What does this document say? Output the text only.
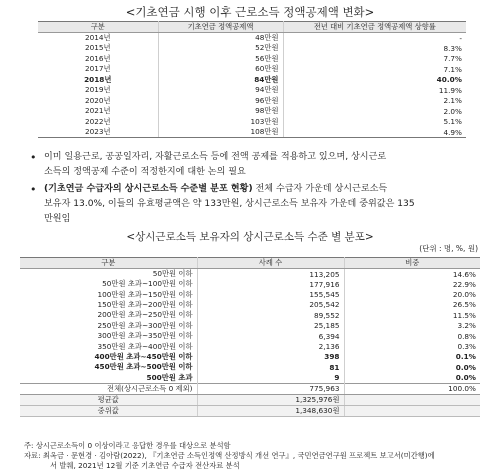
<기초연금 시행 이후 근로소득 정액공제액 변화>
구분	기초연금 정액공제액	전년 대비 기초연금 정액공제액 상향률
2014년	48만원	-
2015년	52만원	8.3%
2016년	56만원	7.7%
2017년	60만원	7.1%
2018년	84만원	40.0%
2019년	94만원	11.9%
2020년	96만원	2.1%
2021년	98만원	2.0%
2022년	103만원	5.1%
2023년	108만원	4.9%
• 이미 일용근로, 공공일자리, 자활근로소득 등에 전액 공제를 적용하고 있으며, 상시근로
소득의 정액공제 수준이 적정한지에 대한 논의 필요
• (기초연금 수급자의 상시근로소득 수준별 분포 현황) 전체 수급자 가운데 상시근로소득
보유자 13.0%, 이들의 유효평균액은 약 133만원, 상시근로소득 보유자 가운데 중위값은 135
만원임
<상시근로소득 보유자의 상시근로소득 수준 별 분포>
(단위 : 명, %, 원)
구분	사례 수	비중
50만원 이하	113,205	14.6%
50만원 초과~100만원 이하	177,916	22.9%
100만원 초과~150만원 이하	155,545	20.0%
150만원 초과~200만원 이하	205,542	26.5%
200만원 초과~250만원 이하	89,552	11.5%
250만원 초과~300만원 이하	25,185	3.2%
300만원 초과~350만원 이하	6,394	0.8%
350만원 초과~400만원 이하	2,136	0.3%
400만원 초과~450만원 이하	398	0.1%
450만원 초과~500만원 이하	81	0.0%
500만원 초과	9	0.0%
전체(상시근로소득 0 제외)	775,963	100.0%
평균값	1,325,976원	
중위값	1,348,630원	
주: 상시근로소득이 0 이상이라고 응답한 경우를 대상으로 분석함
자료: 최옥금 · 문현경 · 김아람(2022), 『기초연금 소득인정액 산정방식 개선 연구』, 국민연금연구원 프로젝트 보고서(미간행)에
서 발췌, 2021년 12월 기준 기초연금 수급자 전산자료 분석
